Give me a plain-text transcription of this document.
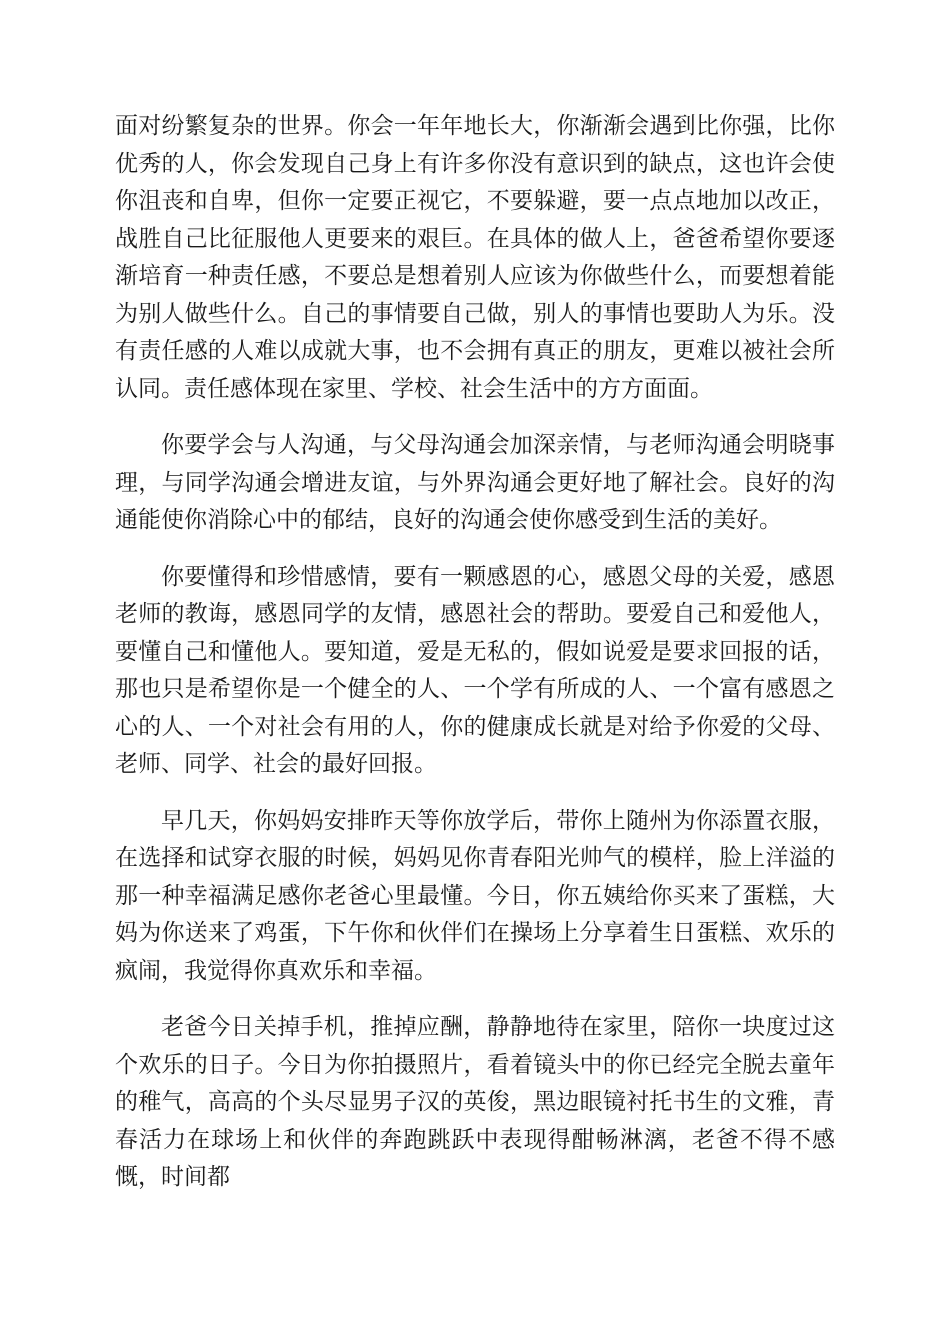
面对纷繁复杂的世界。你会一年年地长大，你渐渐会遇到比你强，比你优秀的人，你会发现自己身上有许多你没有意识到的缺点，这也许会使你沮丧和自卑，但你一定要正视它，不要躲避，要一点点地加以改正，战胜自己比征服他人更要来的艰巨。在具体的做人上，爸爸希望你要逐渐培育一种责任感，不要总是想着别人应该为你做些什么，而要想着能为别人做些什么。自己的事情要自己做，别人的事情也要助人为乐。没有责任感的人难以成就大事，也不会拥有真正的朋友，更难以被社会所认同。责任感体现在家里、学校、社会生活中的方方面面。

你要学会与人沟通，与父母沟通会加深亲情，与老师沟通会明晓事理，与同学沟通会增进友谊，与外界沟通会更好地了解社会。良好的沟通能使你消除心中的郁结，良好的沟通会使你感受到生活的美好。

你要懂得和珍惜感情，要有一颗感恩的心，感恩父母的关爱，感恩老师的教诲，感恩同学的友情，感恩社会的帮助。要爱自己和爱他人，要懂自己和懂他人。要知道，爱是无私的，假如说爱是要求回报的话，那也只是希望你是一个健全的人、一个学有所成的人、一个富有感恩之心的人、一个对社会有用的人，你的健康成长就是对给予你爱的父母、老师、同学、社会的最好回报。

早几天，你妈妈安排昨天等你放学后，带你上随州为你添置衣服，在选择和试穿衣服的时候，妈妈见你青春阳光帅气的模样，脸上洋溢的那一种幸福满足感你老爸心里最懂。今日，你五姨给你买来了蛋糕，大妈为你送来了鸡蛋，下午你和伙伴们在操场上分享着生日蛋糕、欢乐的疯闹，我觉得你真欢乐和幸福。

老爸今日关掉手机，推掉应酬，静静地待在家里，陪你一块度过这个欢乐的日子。今日为你拍摄照片，看着镜头中的你已经完全脱去童年的稚气，高高的个头尽显男子汉的英俊，黑边眼镜衬托书生的文雅，青春活力在球场上和伙伴的奔跑跳跃中表现得酣畅淋漓，老爸不得不感慨，时间都
